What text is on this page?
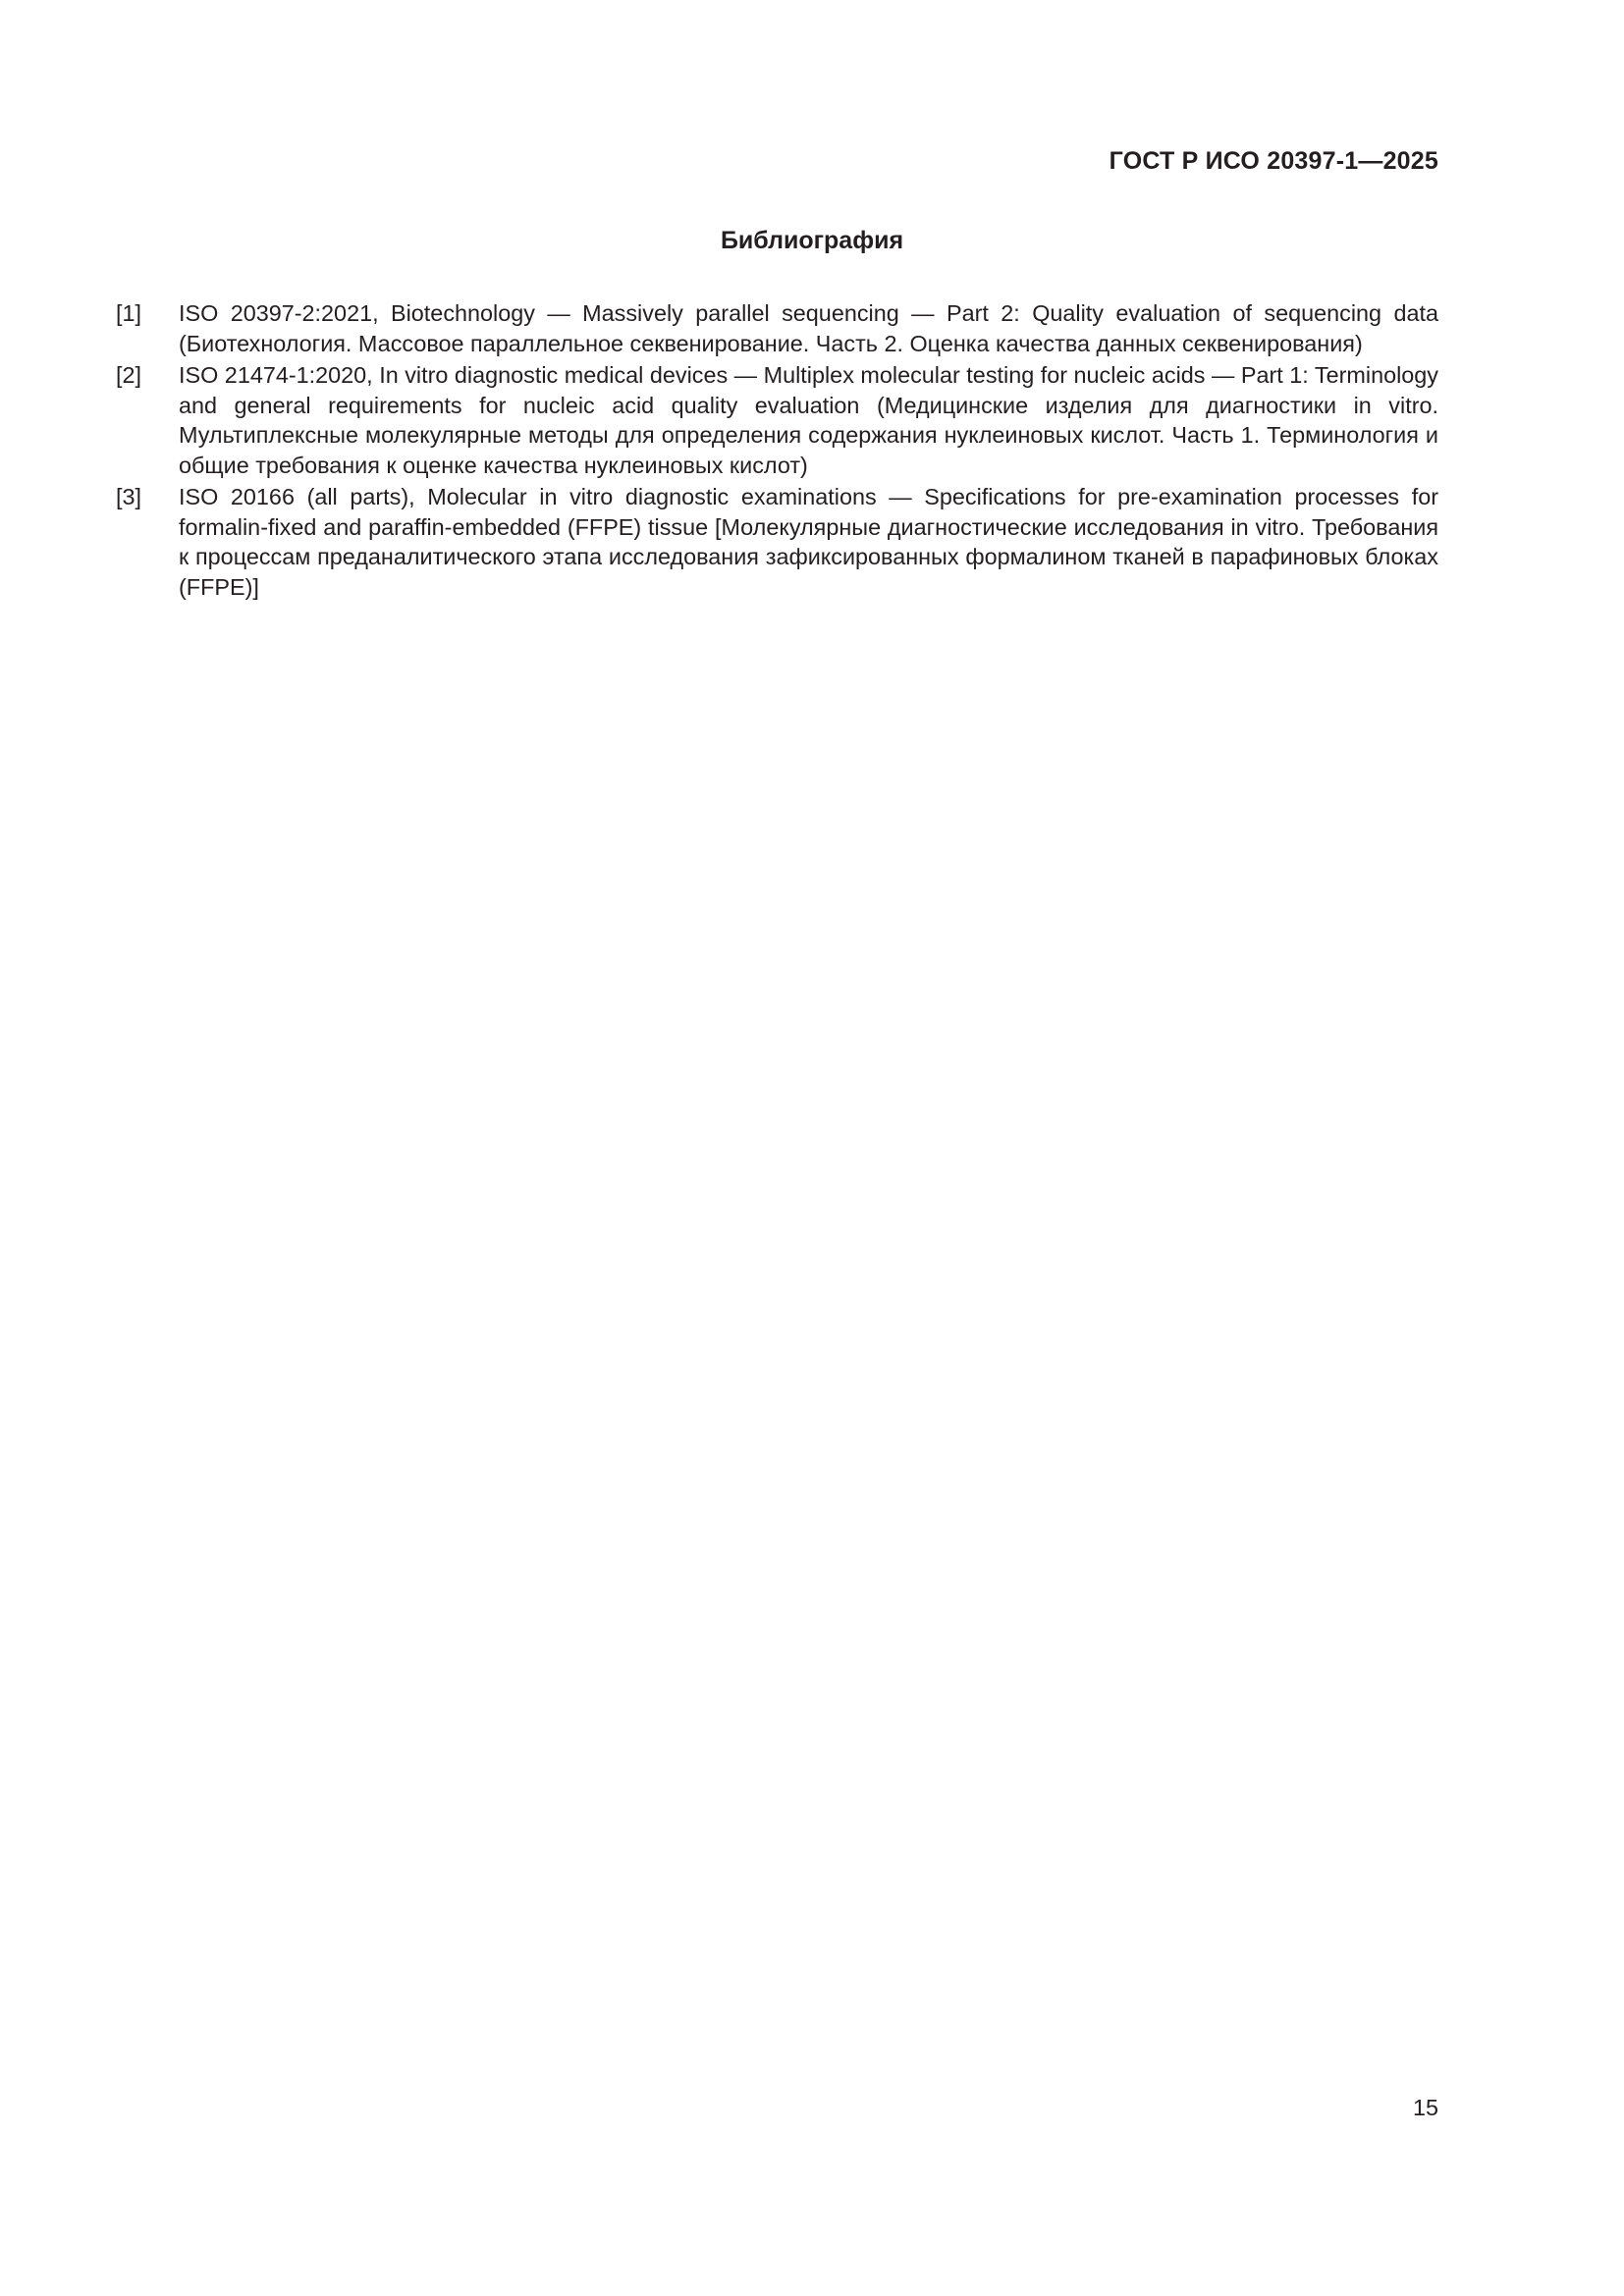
ГОСТ Р ИСО 20397-1—2025
Библиография
[1]	ISO 20397-2:2021, Biotechnology — Massively parallel sequencing — Part 2: Quality evaluation of sequencing data (Биотехнология. Массовое параллельное секвенирование. Часть 2. Оценка качества данных секвенирования)
[2]	ISO 21474-1:2020, In vitro diagnostic medical devices — Multiplex molecular testing for nucleic acids — Part 1: Terminology and general requirements for nucleic acid quality evaluation (Медицинские изделия для диагностики in vitro. Мультиплексные молекулярные методы для определения содержания нуклеиновых кислот. Часть 1. Терминология и общие требования к оценке качества нуклеиновых кислот)
[3]	ISO 20166 (all parts), Molecular in vitro diagnostic examinations — Specifications for pre-examination processes for formalin-fixed and paraffin-embedded (FFPE) tissue [Молекулярные диагностические исследования in vitro. Требования к процессам преданалитического этапа исследования зафиксированных формалином тканей в парафиновых блоках (FFPE)]
15
